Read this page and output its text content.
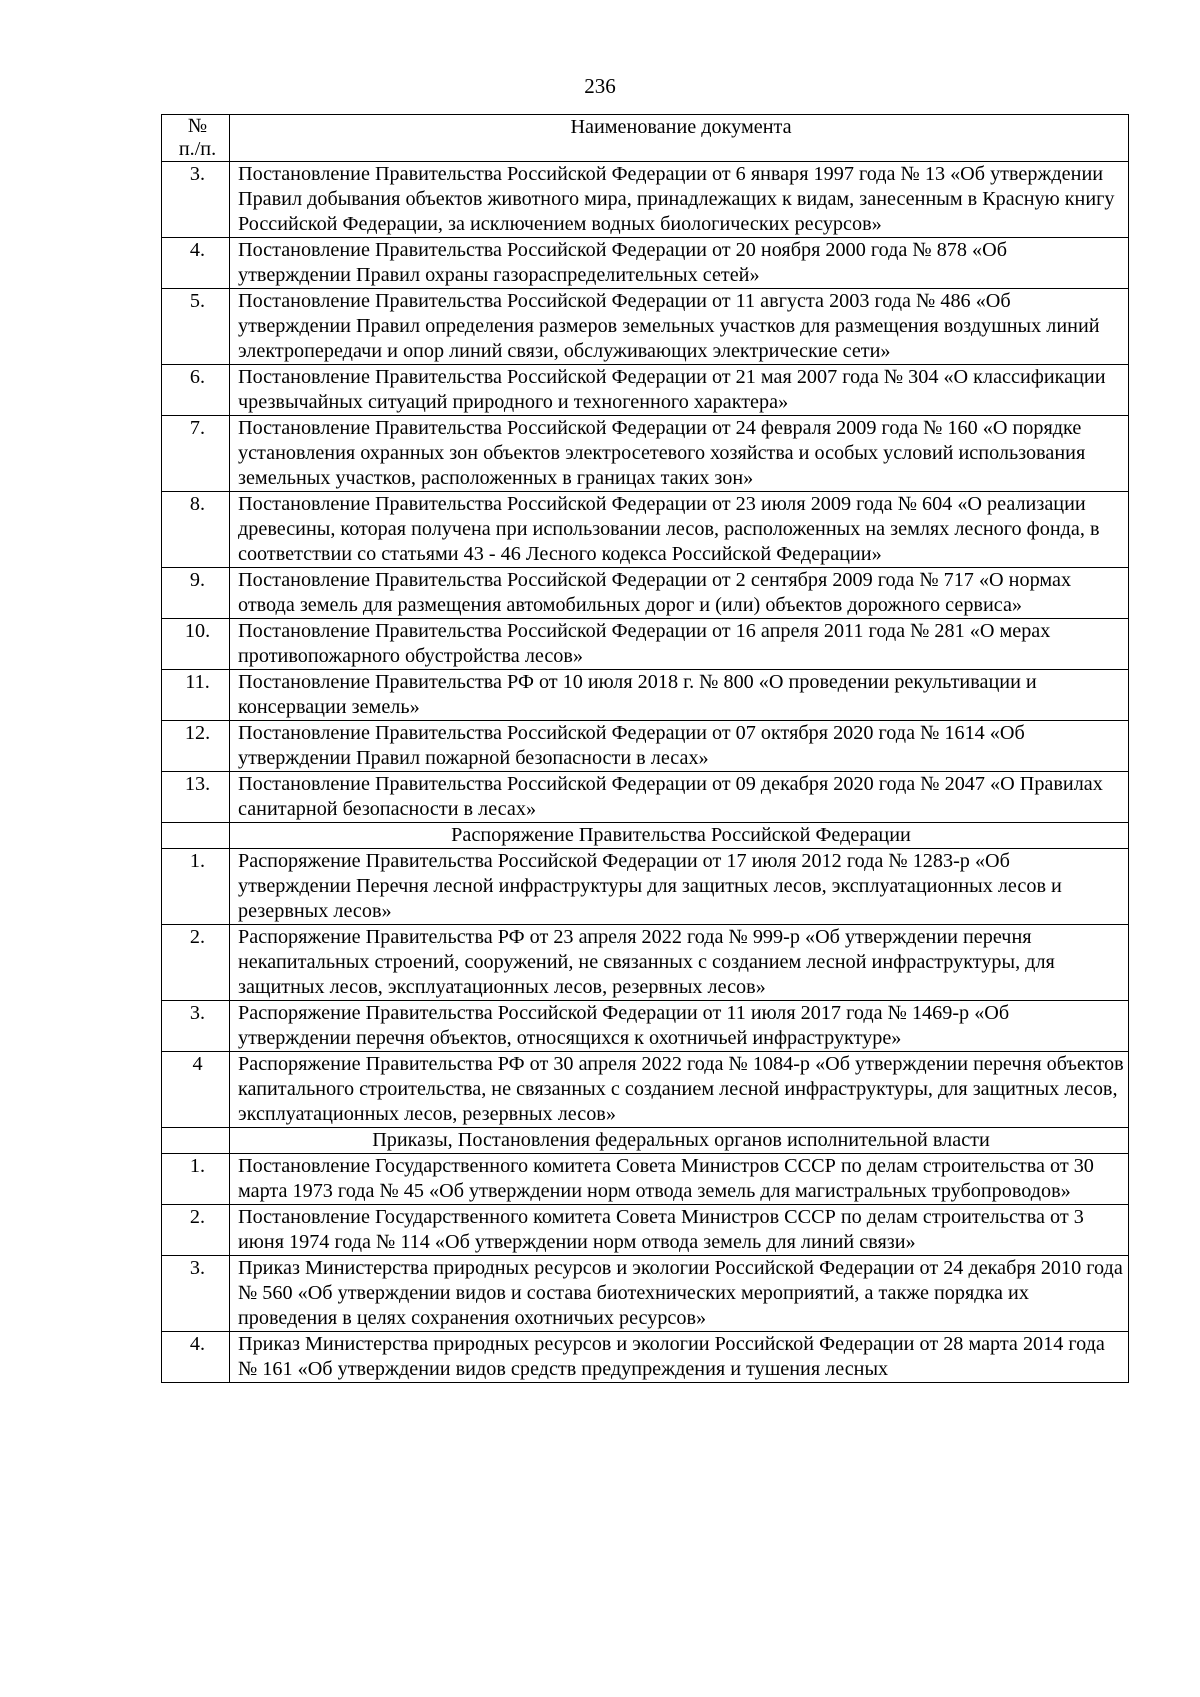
236
№
п./п.	Наименование документа
3.	Постановление Правительства Российской Федерации от 6 января 1997 года № 13 «Об утверждении Правил добывания объектов животного мира, принадлежащих к видам, занесенным в Красную книгу Российской Федерации, за исключением водных биологических ресурсов»
4.	Постановление Правительства Российской Федерации от 20 ноября 2000 года № 878 «Об утверждении Правил охраны газораспределительных сетей»
5.	Постановление Правительства Российской Федерации от 11 августа 2003 года № 486 «Об утверждении Правил определения размеров земельных участков для размещения воздушных линий электропередачи и опор линий связи, обслуживающих электрические сети»
6.	Постановление Правительства Российской Федерации от 21 мая 2007 года № 304 «О классификации чрезвычайных ситуаций природного и техногенного характера»
7.	Постановление Правительства Российской Федерации от 24 февраля 2009 года № 160 «О порядке установления охранных зон объектов электросетевого хозяйства и особых условий использования земельных участков, расположенных в границах таких зон»
8.	Постановление Правительства Российской Федерации от 23 июля 2009 года № 604 «О реализации древесины, которая получена при использовании лесов, расположенных на землях лесного фонда, в соответствии со статьями 43 - 46 Лесного кодекса Российской Федерации»
9.	Постановление Правительства Российской Федерации от 2 сентября 2009 года № 717 «О нормах отвода земель для размещения автомобильных дорог и (или) объектов дорожного сервиса»
10.	Постановление Правительства Российской Федерации от 16 апреля 2011 года № 281 «О мерах противопожарного обустройства лесов»
11.	Постановление Правительства РФ от 10 июля 2018 г. № 800 «О проведении рекультивации и консервации земель»
12.	Постановление Правительства Российской Федерации от 07 октября 2020 года № 1614 «Об утверждении Правил пожарной безопасности в лесах»
13.	Постановление Правительства Российской Федерации от 09 декабря 2020 года № 2047 «О Правилах санитарной безопасности в лесах»
	Распоряжение Правительства Российской Федерации
1.	Распоряжение Правительства Российской Федерации от 17 июля 2012 года № 1283-р «Об утверждении Перечня лесной инфраструктуры для защитных лесов, эксплуатационных лесов и резервных лесов»
2.	Распоряжение Правительства РФ от 23 апреля 2022 года № 999-р «Об утверждении перечня некапитальных строений, сооружений, не связанных с созданием лесной инфраструктуры, для защитных лесов, эксплуатационных лесов, резервных лесов»
3.	Распоряжение Правительства Российской Федерации от 11 июля 2017 года № 1469-р «Об утверждении перечня объектов, относящихся к охотничьей инфраструктуре»
4	Распоряжение Правительства РФ от 30 апреля 2022 года № 1084-р «Об утверждении перечня объектов капитального строительства, не связанных с созданием лесной инфраструктуры, для защитных лесов, эксплуатационных лесов, резервных лесов»
	Приказы, Постановления федеральных органов исполнительной власти
1.	Постановление Государственного комитета Совета Министров СССР по делам строительства от 30 марта 1973 года № 45 «Об утверждении норм отвода земель для магистральных трубопроводов»
2.	Постановление Государственного комитета Совета Министров СССР по делам строительства от 3 июня 1974 года № 114 «Об утверждении норм отвода земель для линий связи»
3.	Приказ Министерства природных ресурсов и экологии Российской Федерации от 24 декабря 2010 года № 560 «Об утверждении видов и состава биотехнических мероприятий, а также порядка их проведения в целях сохранения охотничьих ресурсов»
4.	Приказ Министерства природных ресурсов и экологии Российской Федерации от 28 марта 2014 года № 161 «Об утверждении видов средств предупреждения и тушения лесных
